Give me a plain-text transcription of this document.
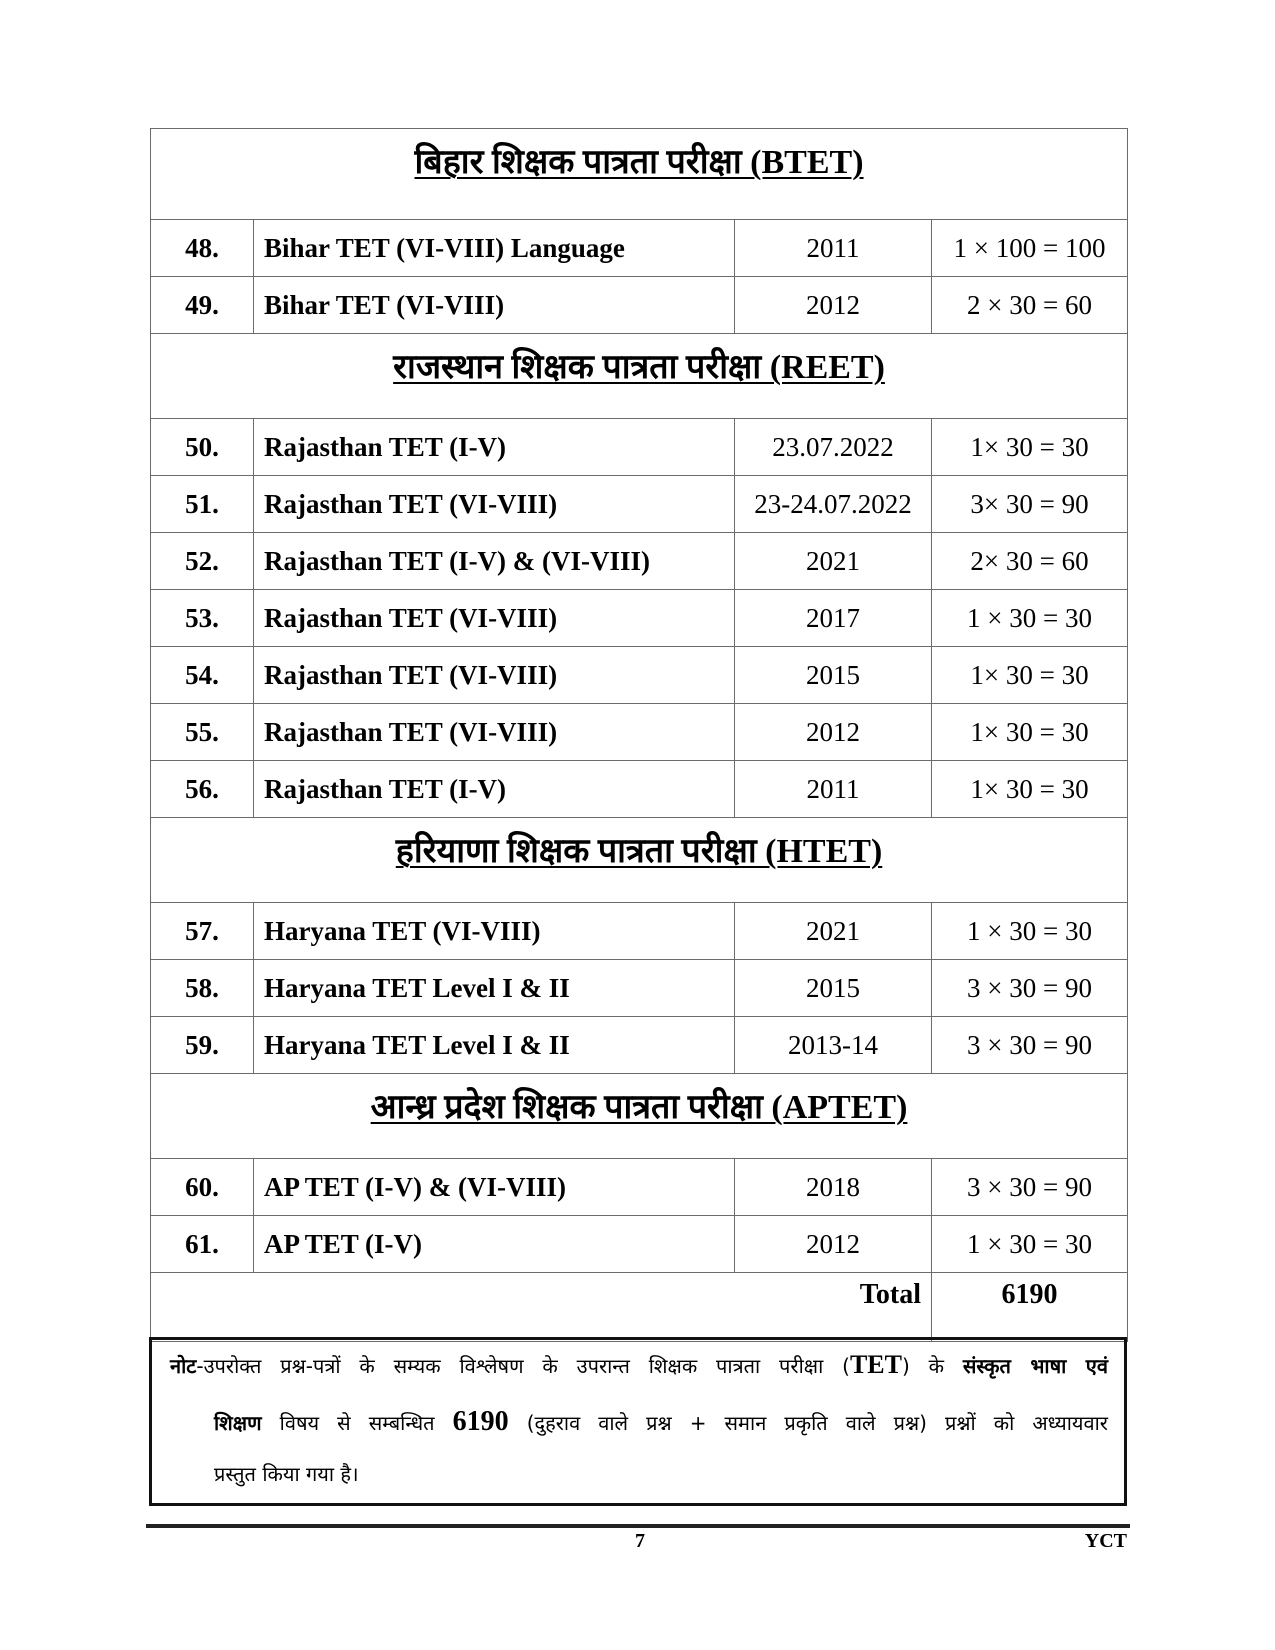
बिहार शिक्षक पात्रता परीक्षा (BTET)			
48.	Bihar TET (VI-VIII) Language	2011	1 × 100 = 100
49.	Bihar TET (VI-VIII)	2012	2 × 30 = 60
राजस्थान शिक्षक पात्रता परीक्षा (REET)			
50.	Rajasthan TET (I-V)	23.07.2022	1× 30 = 30
51.	Rajasthan TET (VI-VIII)	23-24.07.2022	3× 30 = 90
52.	Rajasthan TET (I-V) & (VI-VIII)	2021	2× 30 = 60
53.	Rajasthan TET (VI-VIII)	2017	1 × 30 = 30
54.	Rajasthan TET (VI-VIII)	2015	1× 30 = 30
55.	Rajasthan TET (VI-VIII)	2012	1× 30 = 30
56.	Rajasthan TET (I-V)	2011	1× 30 = 30
हरियाणा शिक्षक पात्रता परीक्षा (HTET)			
57.	Haryana TET (VI-VIII)	2021	1 × 30 = 30
58.	Haryana TET Level I & II	2015	3 × 30 = 90
59.	Haryana TET Level I & II	2013-14	3 × 30 = 90
आन्ध्र प्रदेश शिक्षक पात्रता परीक्षा (APTET)			
60.	AP TET (I-V) & (VI-VIII)	2018	3 × 30 = 90
61.	AP TET (I-V)	2012	1 × 30 = 30
Total			6190
नोट-उपरोक्त प्रश्न-पत्रों के सम्यक विश्लेषण के उपरान्त शिक्षक पात्रता परीक्षा (TET) के संस्कृत भाषा एवं
शिक्षण विषय से सम्बन्धित 6190 (दुहराव वाले प्रश्न + समान प्रकृति वाले प्रश्न) प्रश्नों को अध्यायवार
प्रस्तुत किया गया है।
7	YCT
